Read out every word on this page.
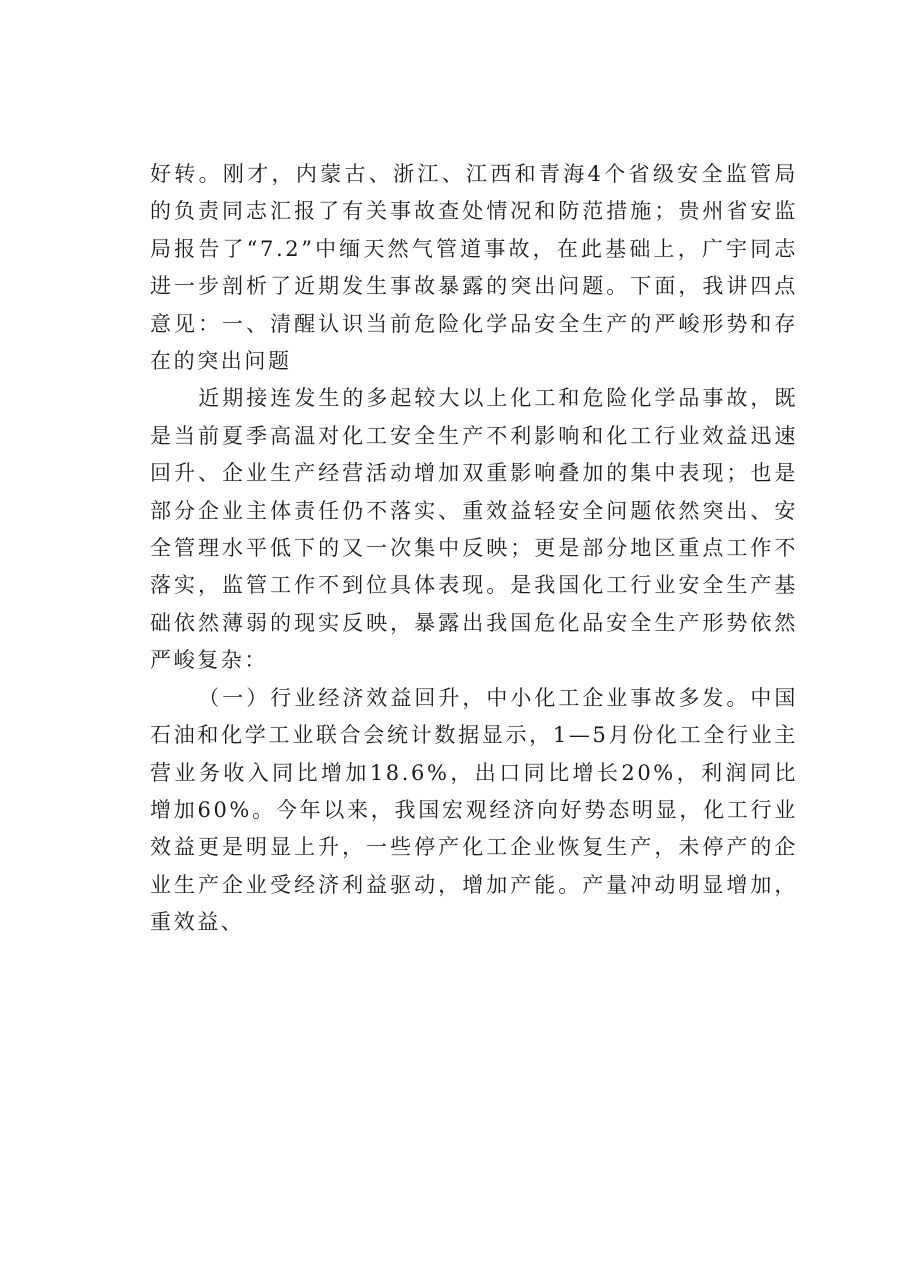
好转。刚才，内蒙古、浙江、江西和青海4个省级安全监管局的负责同志汇报了有关事故查处情况和防范措施；贵州省安监局报告了“7.2”中缅天然气管道事故，在此基础上，广宇同志进一步剖析了近期发生事故暴露的突出问题。下面，我讲四点意见：一、清醒认识当前危险化学品安全生产的严峻形势和存在的突出问题

近期接连发生的多起较大以上化工和危险化学品事故，既是当前夏季高温对化工安全生产不利影响和化工行业效益迅速回升、企业生产经营活动增加双重影响叠加的集中表现；也是部分企业主体责任仍不落实、重效益轻安全问题依然突出、安全管理水平低下的又一次集中反映；更是部分地区重点工作不落实，监管工作不到位具体表现。是我国化工行业安全生产基础依然薄弱的现实反映，暴露出我国危化品安全生产形势依然严峻复杂：

（一）行业经济效益回升，中小化工企业事故多发。中国石油和化学工业联合会统计数据显示，1—5月份化工全行业主营业务收入同比增加18.6%，出口同比增长20%，利润同比增加60%。今年以来，我国宏观经济向好势态明显，化工行业效益更是明显上升，一些停产化工企业恢复生产，未停产的企业生产企业受经济利益驱动，增加产能。产量冲动明显增加，重效益、
